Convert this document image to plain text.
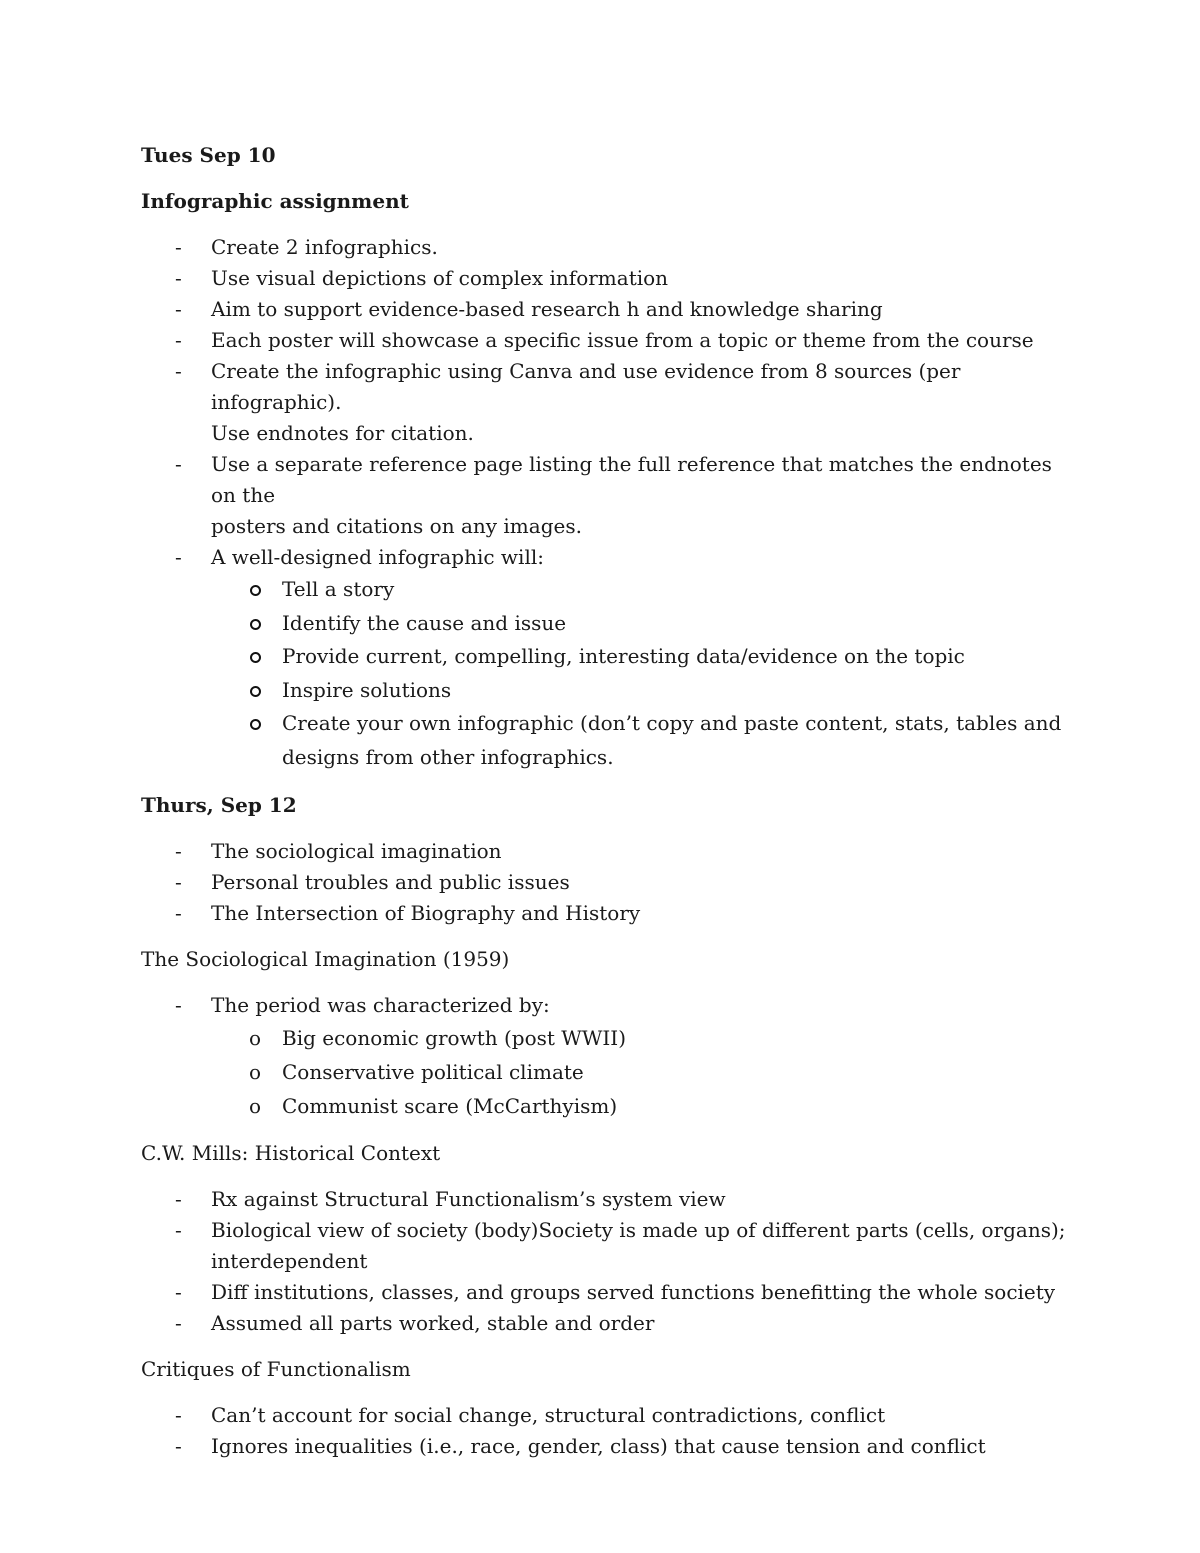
Tues Sep 10

Infographic assignment

- Create 2 infographics.
- Use visual depictions of complex information
- Aim to support evidence-based research h and knowledge sharing
- Each poster will showcase a specific issue from a topic or theme from the course
- Create the infographic using Canva and use evidence from 8 sources (per infographic).
Use endnotes for citation.
- Use a separate reference page listing the full reference that matches the endnotes on the
posters and citations on any images.
- A well-designed infographic will:
Tell a story
Identify the cause and issue
Provide current, compelling, interesting data/evidence on the topic
Inspire solutions
Create your own infographic (don’t copy and paste content, stats, tables and
designs from other infographics.

Thurs, Sep 12

- The sociological imagination
- Personal troubles and public issues
- The Intersection of Biography and History

The Sociological Imagination (1959)

- The period was characterized by:
o Big economic growth (post WWII)
o Conservative political climate
o Communist scare (McCarthyism)

C.W. Mills: Historical Context

- Rx against Structural Functionalism’s system view
- Biological view of society (body)Society is made up of different parts (cells, organs);
interdependent
- Diff institutions, classes, and groups served functions benefitting the whole society
- Assumed all parts worked, stable and order

Critiques of Functionalism

- Can’t account for social change, structural contradictions, conflict
- Ignores inequalities (i.e., race, gender, class) that cause tension and conflict
